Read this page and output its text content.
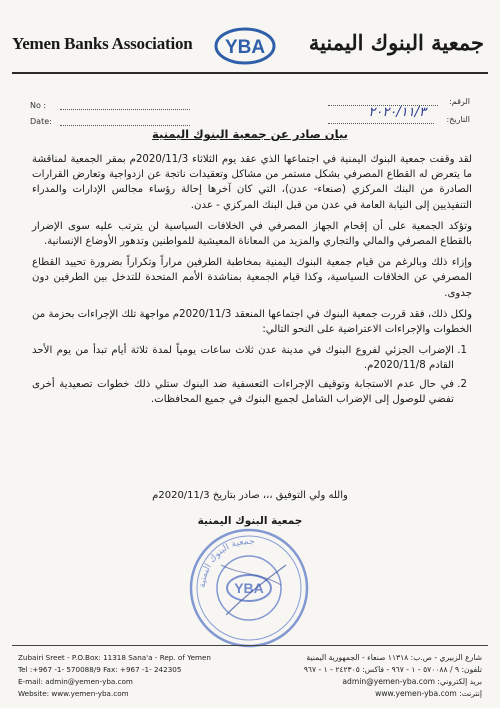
Yemen Banks Association YBA جمعية البنوك اليمنية
No :
Date:
الرقم:
التاريخ:
٢٠٢٠/١١/٣
بيان صادر عن جمعية البنوك اليمنية

لقد وقفت جمعية البنوك اليمنية في اجتماعها الذي عقد يوم الثلاثاء 2020/11/3م بمقر الجمعية لمناقشة ما يتعرض له القطاع المصرفي بشكل مستمر من مشاكل وتعقيدات ناتجة عن ازدواجية وتعارض القرارات الصادرة من البنك المركزي (صنعاء- عدن)، التي كان آخرها إحالة رؤساء مجالس الإدارات والمدراء التنفيذيين إلى النيابة العامة في عدن من قبل البنك المركزي - عدن.

وتؤكد الجمعية على أن إقحام الجهاز المصرفي في الخلافات السياسية لن يترتب عليه سوى الإضرار بالقطاع المصرفي والمالي والتجاري والمزيد من المعاناة المعيشية للمواطنين وتدهور الأوضاع الإنسانية.

وإزاء ذلك وبالرغم من قيام جمعية البنوك اليمنية بمخاطبة الطرفين مراراً وتكراراً بضرورة تحييد القطاع المصرفي عن الخلافات السياسية، وكذا قيام الجمعية بمناشدة الأمم المتحدة للتدخل بين الطرفين دون جدوى.

ولكل ذلك، فقد قررت جمعية البنوك في اجتماعها المنعقد 2020/11/3م مواجهة تلك الإجراءات بحزمة من الخطوات والإجراءات الاعتراضية على النحو التالي:

1. الإضراب الجزئي لفروع البنوك في مدينة عدن ثلاث ساعات يومياً لمدة ثلاثة أيام تبدأ من يوم الأحد القادم 2020/11/8م.
2. في حال عدم الاستجابة وتوقيف الإجراءات التعسفية ضد البنوك ستلي ذلك خطوات تصعيدية أخرى تفضي للوصول إلى الإضراب الشامل لجميع البنوك في جميع المحافظات.
والله ولي التوفيق ،،، صادر بتاريخ 2020/11/3م
جمعية البنوك اليمنية
جمعية البنوك اليمنية
YBA
Zubairi Sreet - P.O.Box: 11318 Sana'a - Rep. of Yemen
Tel :+967 -1- 570088/9 Fax: +967 -1- 242305
E-mail: admin@yemen-yba.com
Website: www.yemen-yba.com
شارع الزبيري - ص.ب: ١١٣١٨ صنعاء - الجمهورية اليمنية
تلفون: ٩ / ٥٧٠٠٨٨ - ١ - ٩٦٧ - فاكس: ٢٤٢٣٠٥ - ١ - ٩٦٧
بريد إلكتروني: admin@yemen-yba.com
إنترنت: www.yemen-yba.com
